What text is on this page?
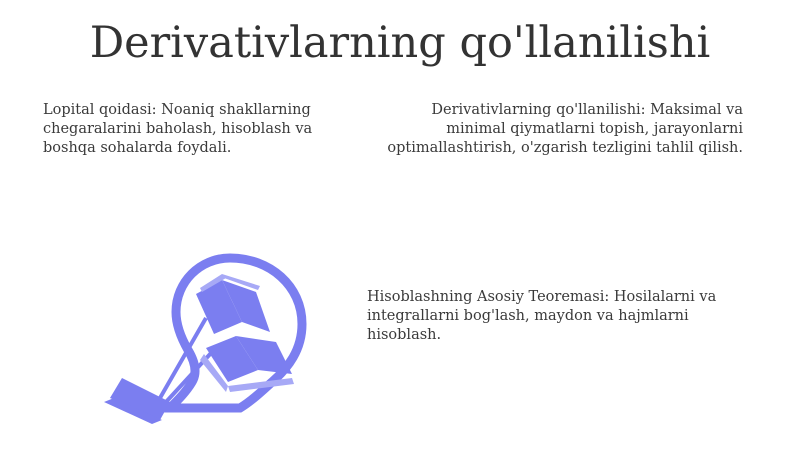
Derivativlarning qo'llanilishi

Lopital qoidasi: Noaniq shakllarning chegaralarini baholash, hisoblash va boshqa sohalarda foydali.

Derivativlarning qo'llanilishi: Maksimal va minimal qiymatlarni topish, jarayonlarni optimallashtirish, o'zgarish tezligini tahlil qilish.

Hisoblashning Asosiy Teoremasi: Hosilalarni va integrallarni bog'lash, maydon va hajmlarni hisoblash.
